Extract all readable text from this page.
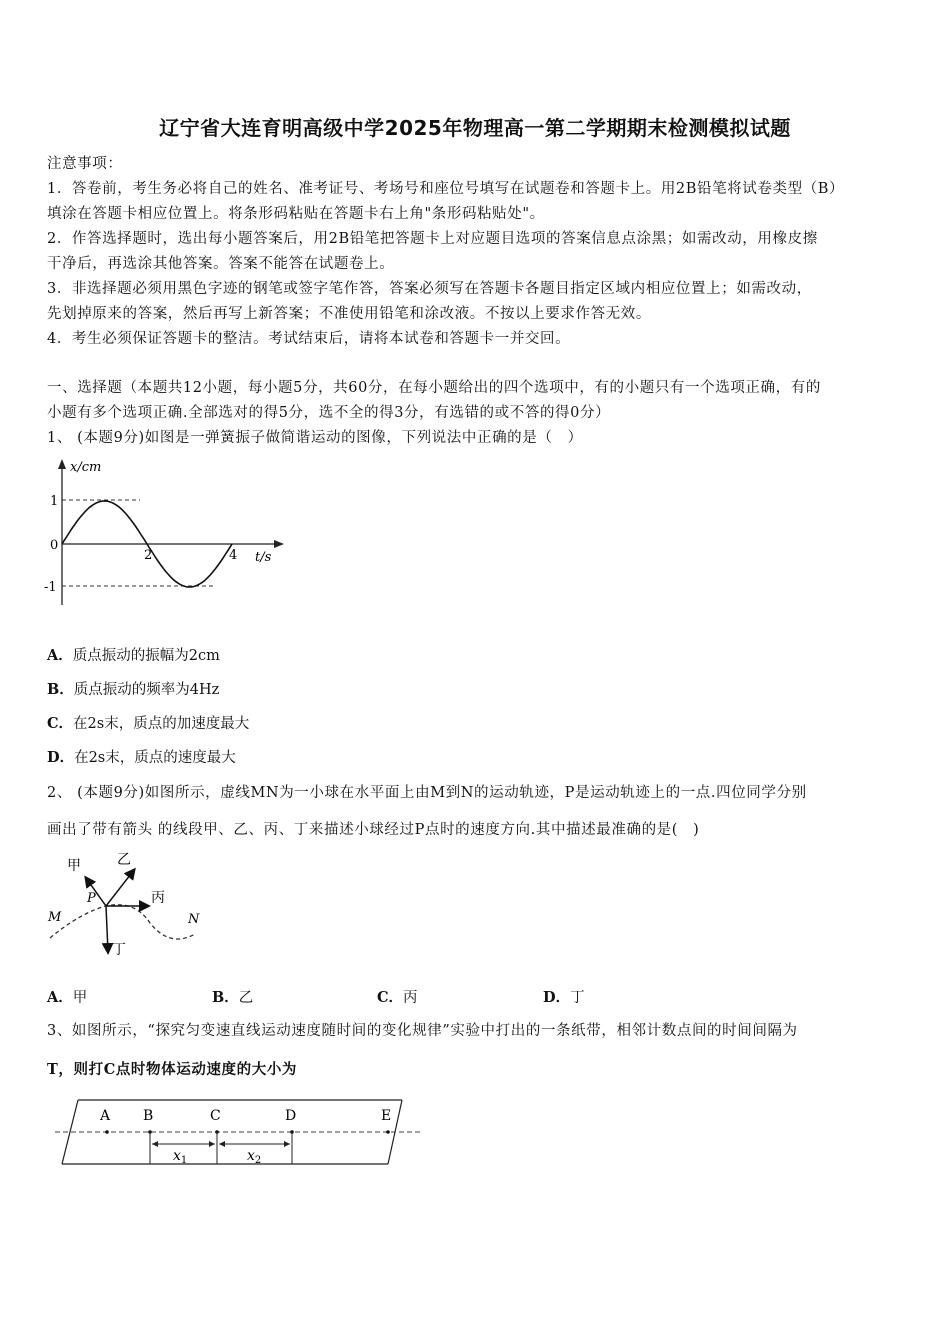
辽宁省大连育明高级中学2025年物理高一第二学期期末检测模拟试题
注意事项：
1．答卷前，考生务必将自己的姓名、准考证号、考场号和座位号填写在试题卷和答题卡上。用2B铅笔将试卷类型（B）
填涂在答题卡相应位置上。将条形码粘贴在答题卡右上角"条形码粘贴处"。
2．作答选择题时，选出每小题答案后，用2B铅笔把答题卡上对应题目选项的答案信息点涂黑；如需改动，用橡皮擦
干净后，再选涂其他答案。答案不能答在试题卷上。
3．非选择题必须用黑色字迹的钢笔或签字笔作答，答案必须写在答题卡各题目指定区域内相应位置上；如需改动，
先划掉原来的答案，然后再写上新答案；不准使用铅笔和涂改液。不按以上要求作答无效。
4．考生必须保证答题卡的整洁。考试结束后，请将本试卷和答题卡一并交回。
一、选择题（本题共12小题，每小题5分，共60分，在每小题给出的四个选项中，有的小题只有一个选项正确，有的
小题有多个选项正确.全部选对的得5分，选不全的得3分，有选错的或不答的得0分）
1、 (本题9分)如图是一弹簧振子做简谐运动的图像，下列说法中正确的是（　）
x/cm
t/s
1
0
-1
2	4
A．质点振动的振幅为2cm
B．质点振动的频率为4Hz
C．在2s末，质点的加速度最大
D．在2s末，质点的速度最大
2、 (本题9分)如图所示，虚线MN为一小球在水平面上由M到N的运动轨迹，P是运动轨迹上的一点.四位同学分别
画出了带有箭头 的线段甲、乙、丙、丁来描述小球经过P点时的速度方向.其中描述最准确的是(　)
甲	乙
丙
丁
P
M	N
A．甲	B．乙	C．丙	D．丁
3、如图所示，“探究匀变速直线运动速度随时间的变化规律”实验中打出的一条纸带，相邻计数点间的时间间隔为
T，则打C点时物体运动速度的大小为
A B	C	D	E
$x_1$	$x_2$
